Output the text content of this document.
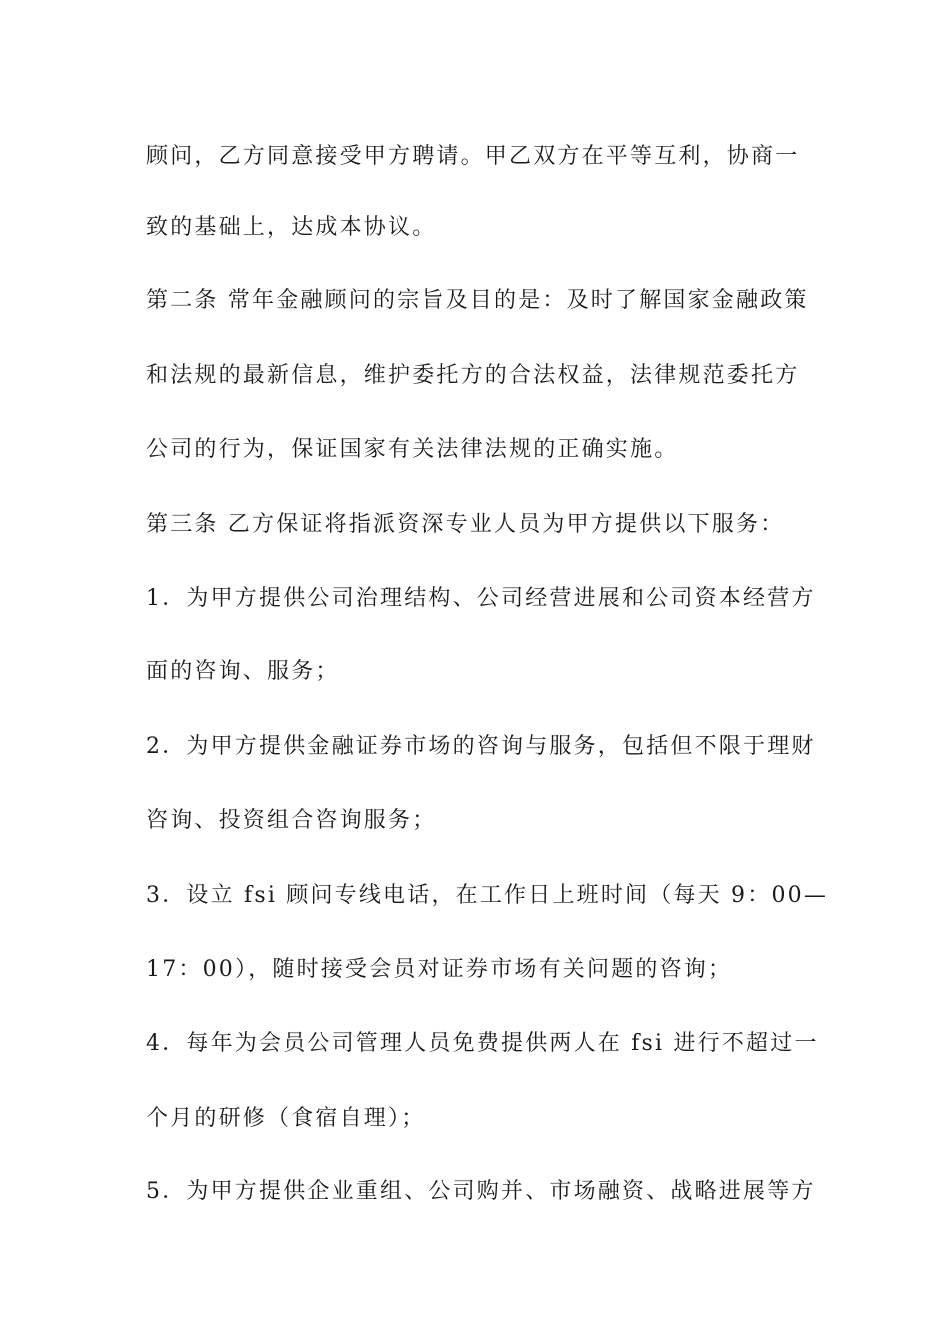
顾问，乙方同意接受甲方聘请。甲乙双方在平等互利，协商一
致的基础上，达成本协议。
第二条 常年金融顾问的宗旨及目的是：及时了解国家金融政策
和法规的最新信息，维护委托方的合法权益，法律规范委托方
公司的行为，保证国家有关法律法规的正确实施。
第三条 乙方保证将指派资深专业人员为甲方提供以下服务：
1．为甲方提供公司治理结构、公司经营进展和公司资本经营方
面的咨询、服务；
2．为甲方提供金融证券市场的咨询与服务，包括但不限于理财
咨询、投资组合咨询服务；
3．设立 fsi 顾问专线电话，在工作日上班时间（每天 9：00—
17：00），随时接受会员对证券市场有关问题的咨询；
4．每年为会员公司管理人员免费提供两人在 fsi 进行不超过一
个月的研修（食宿自理）；
5．为甲方提供企业重组、公司购并、市场融资、战略进展等方
